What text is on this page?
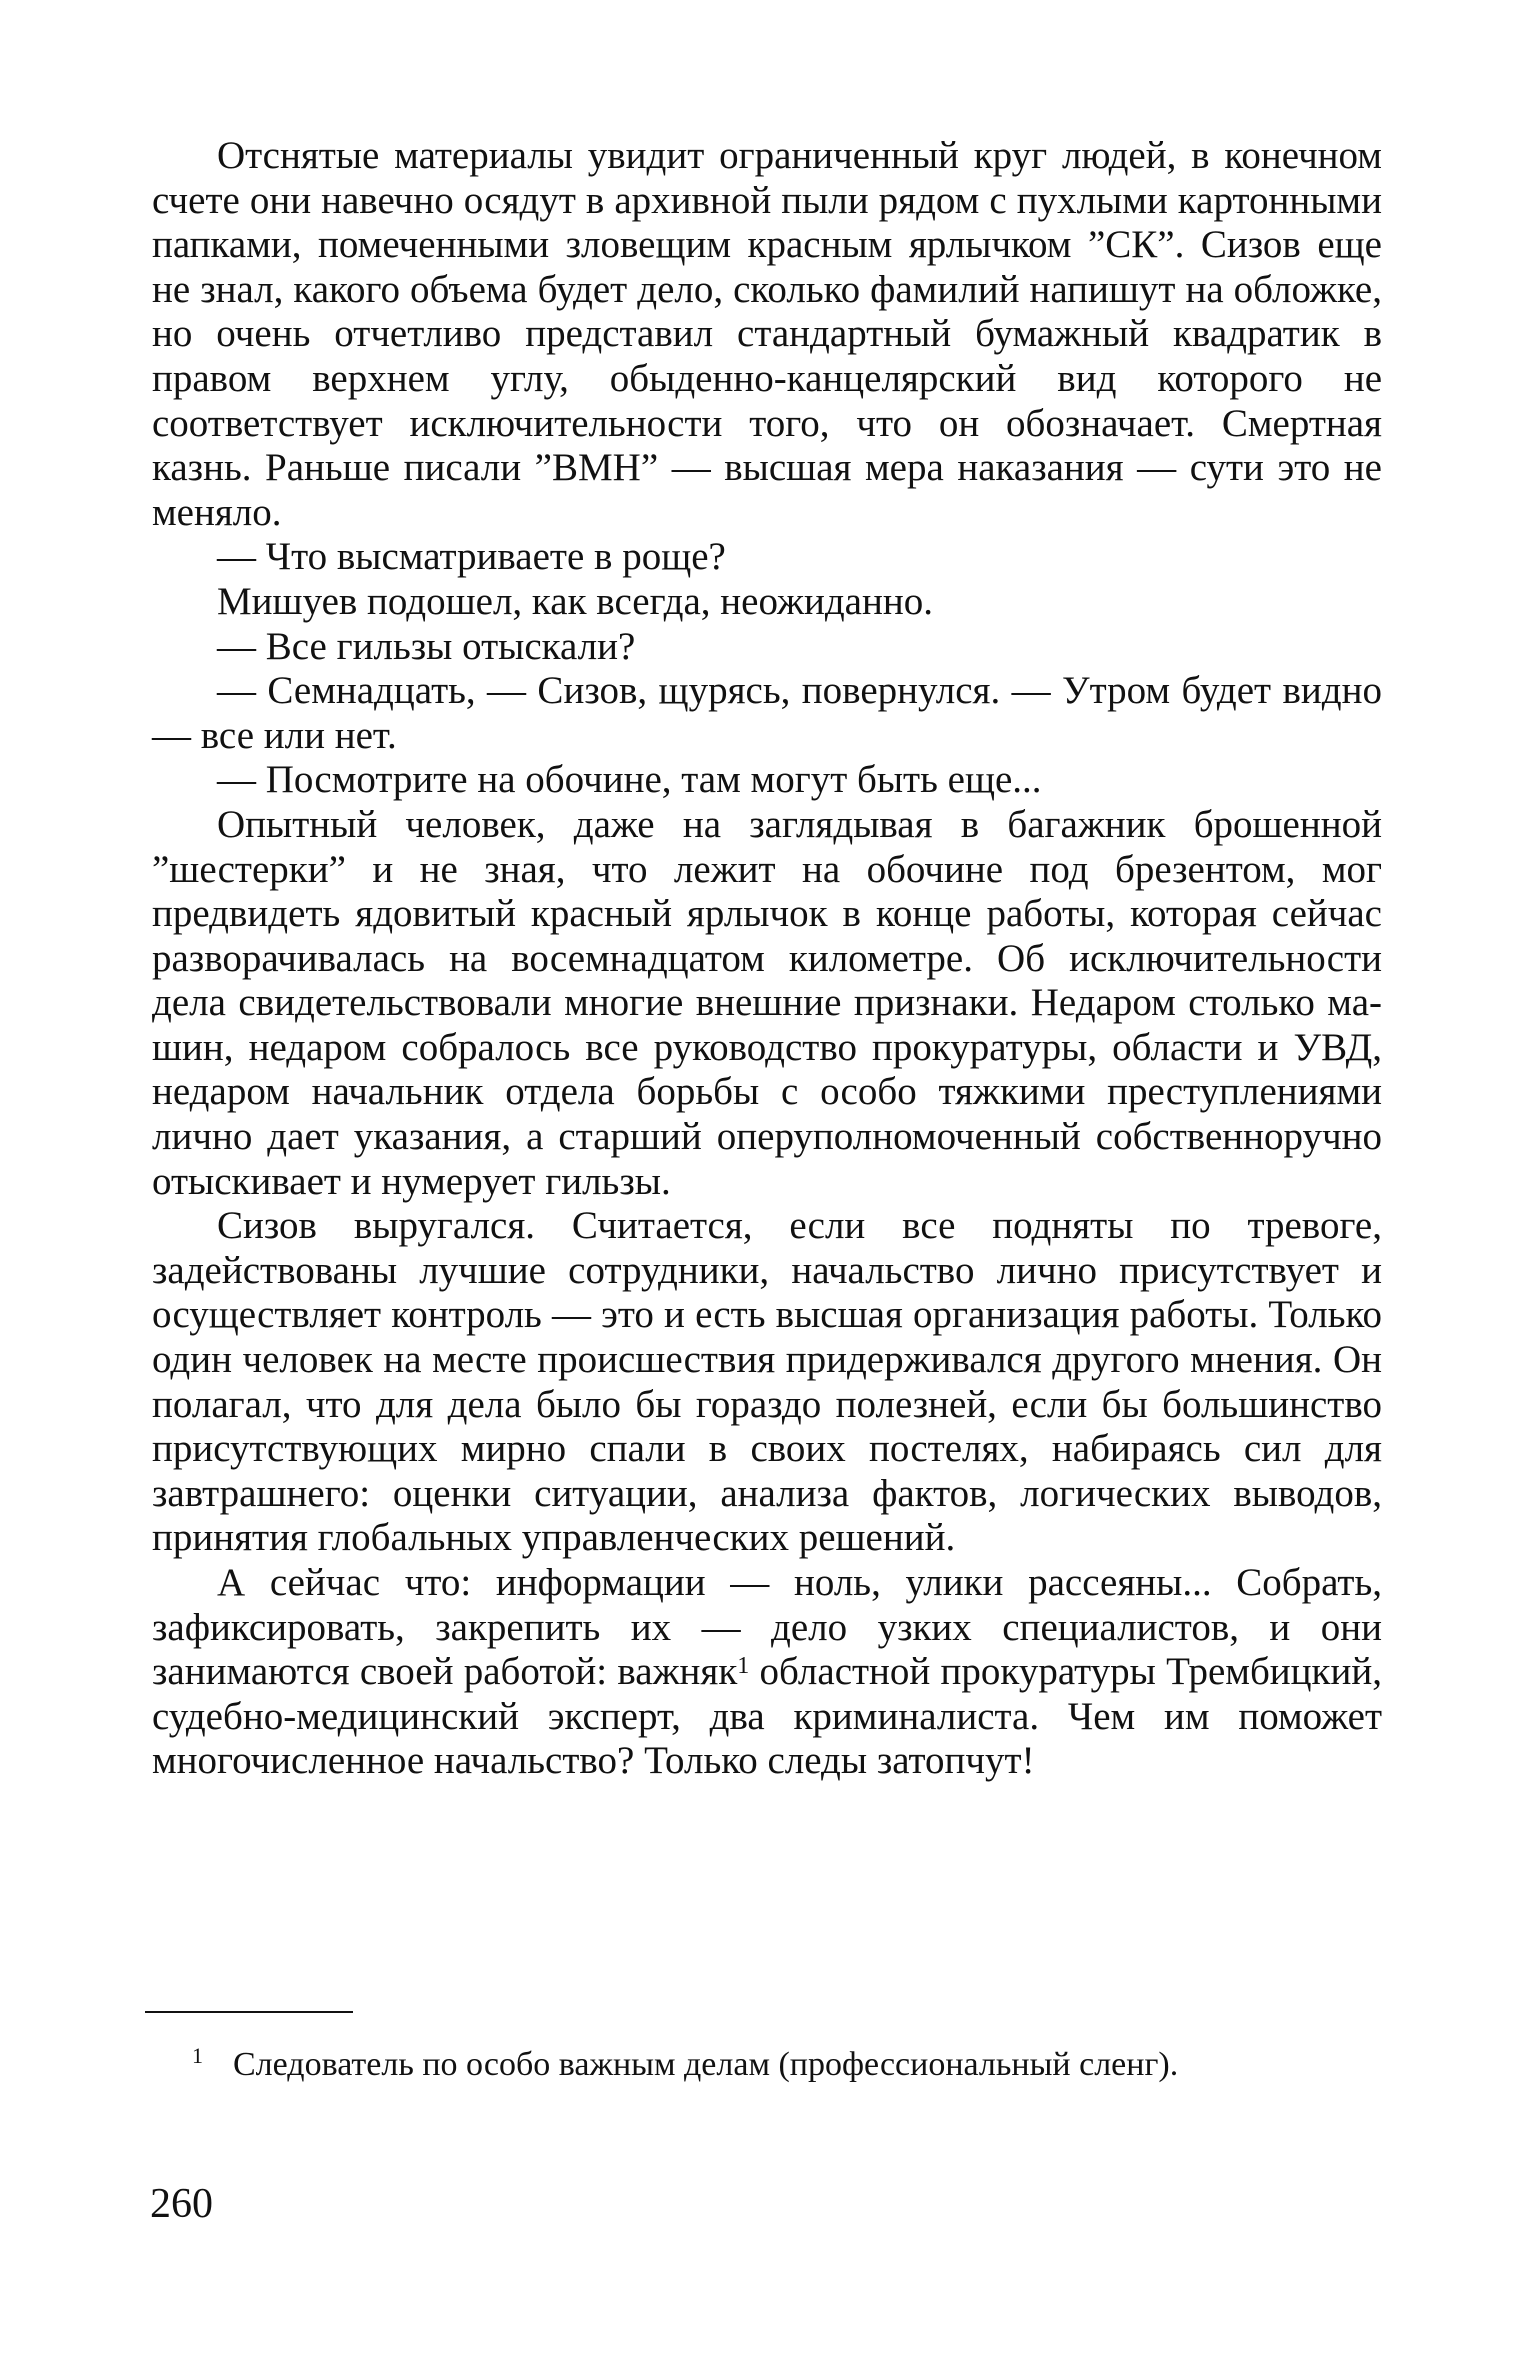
Отснятые материалы увидит ограниченный круг людей, в конечном счете они навечно осядут в архивной пыли рядом с пухлыми картонными папками, помеченными зловещим красным ярлычком ”СК”. Сизов еще не знал, какого объема будет дело, сколько фамилий напишут на обложке, но очень отчетливо представил стандартный бумажный квадратик в правом верхнем углу, обыденно-канцелярский вид которого не соответствует исключительности того, что он обозначает. Смертная казнь. Раньше писали ”ВМН” — высшая мера наказания — сути это не меняло.

— Что высматриваете в роще?

Мишуев подошел, как всегда, неожиданно.

— Все гильзы отыскали?

— Семнадцать, — Сизов, щурясь, повернулся. — Утром будет видно — все или нет.

— Посмотрите на обочине, там могут быть еще...

Опытный человек, даже на заглядывая в багажник брошенной ”шестерки” и не зная, что лежит на обочине под брезентом, мог предвидеть ядовитый красный ярлычок в конце работы, которая сейчас разворачивалась на восемнадцатом километре. Об исключительности дела свидетельствовали многие внешние признаки. Недаром столько машин, недаром собралось все руководство прокуратуры, области и УВД, недаром начальник отдела борьбы с особо тяжкими преступлениями лично дает указания, а старший оперуполномоченный собственноручно отыскивает и нумерует гильзы.

Сизов выругался. Считается, если все подняты по тревоге, задействованы лучшие сотрудники, начальство лично присутствует и осуществляет контроль — это и есть высшая организация работы. Только один человек на месте происшествия придерживался другого мнения. Он полагал, что для дела было бы гораздо полезней, если бы большинство присутствующих мирно спали в своих постелях, набираясь сил для завтрашнего: оценки ситуации, анализа фактов, логических выводов, принятия глобальных управленческих решений.

А сейчас что: информации — ноль, улики рассеяны... Собрать, зафиксировать, закрепить их — дело узких специалистов, и они занимаются своей работой: важняк$^1$ областной прокуратуры Трембицкий, судебно-медицинский эксперт, два криминалиста. Чем им поможет многочисленное начальство? Только следы затопчут!

$^1$ Следователь по особо важным делам (профессиональный сленг).

260
